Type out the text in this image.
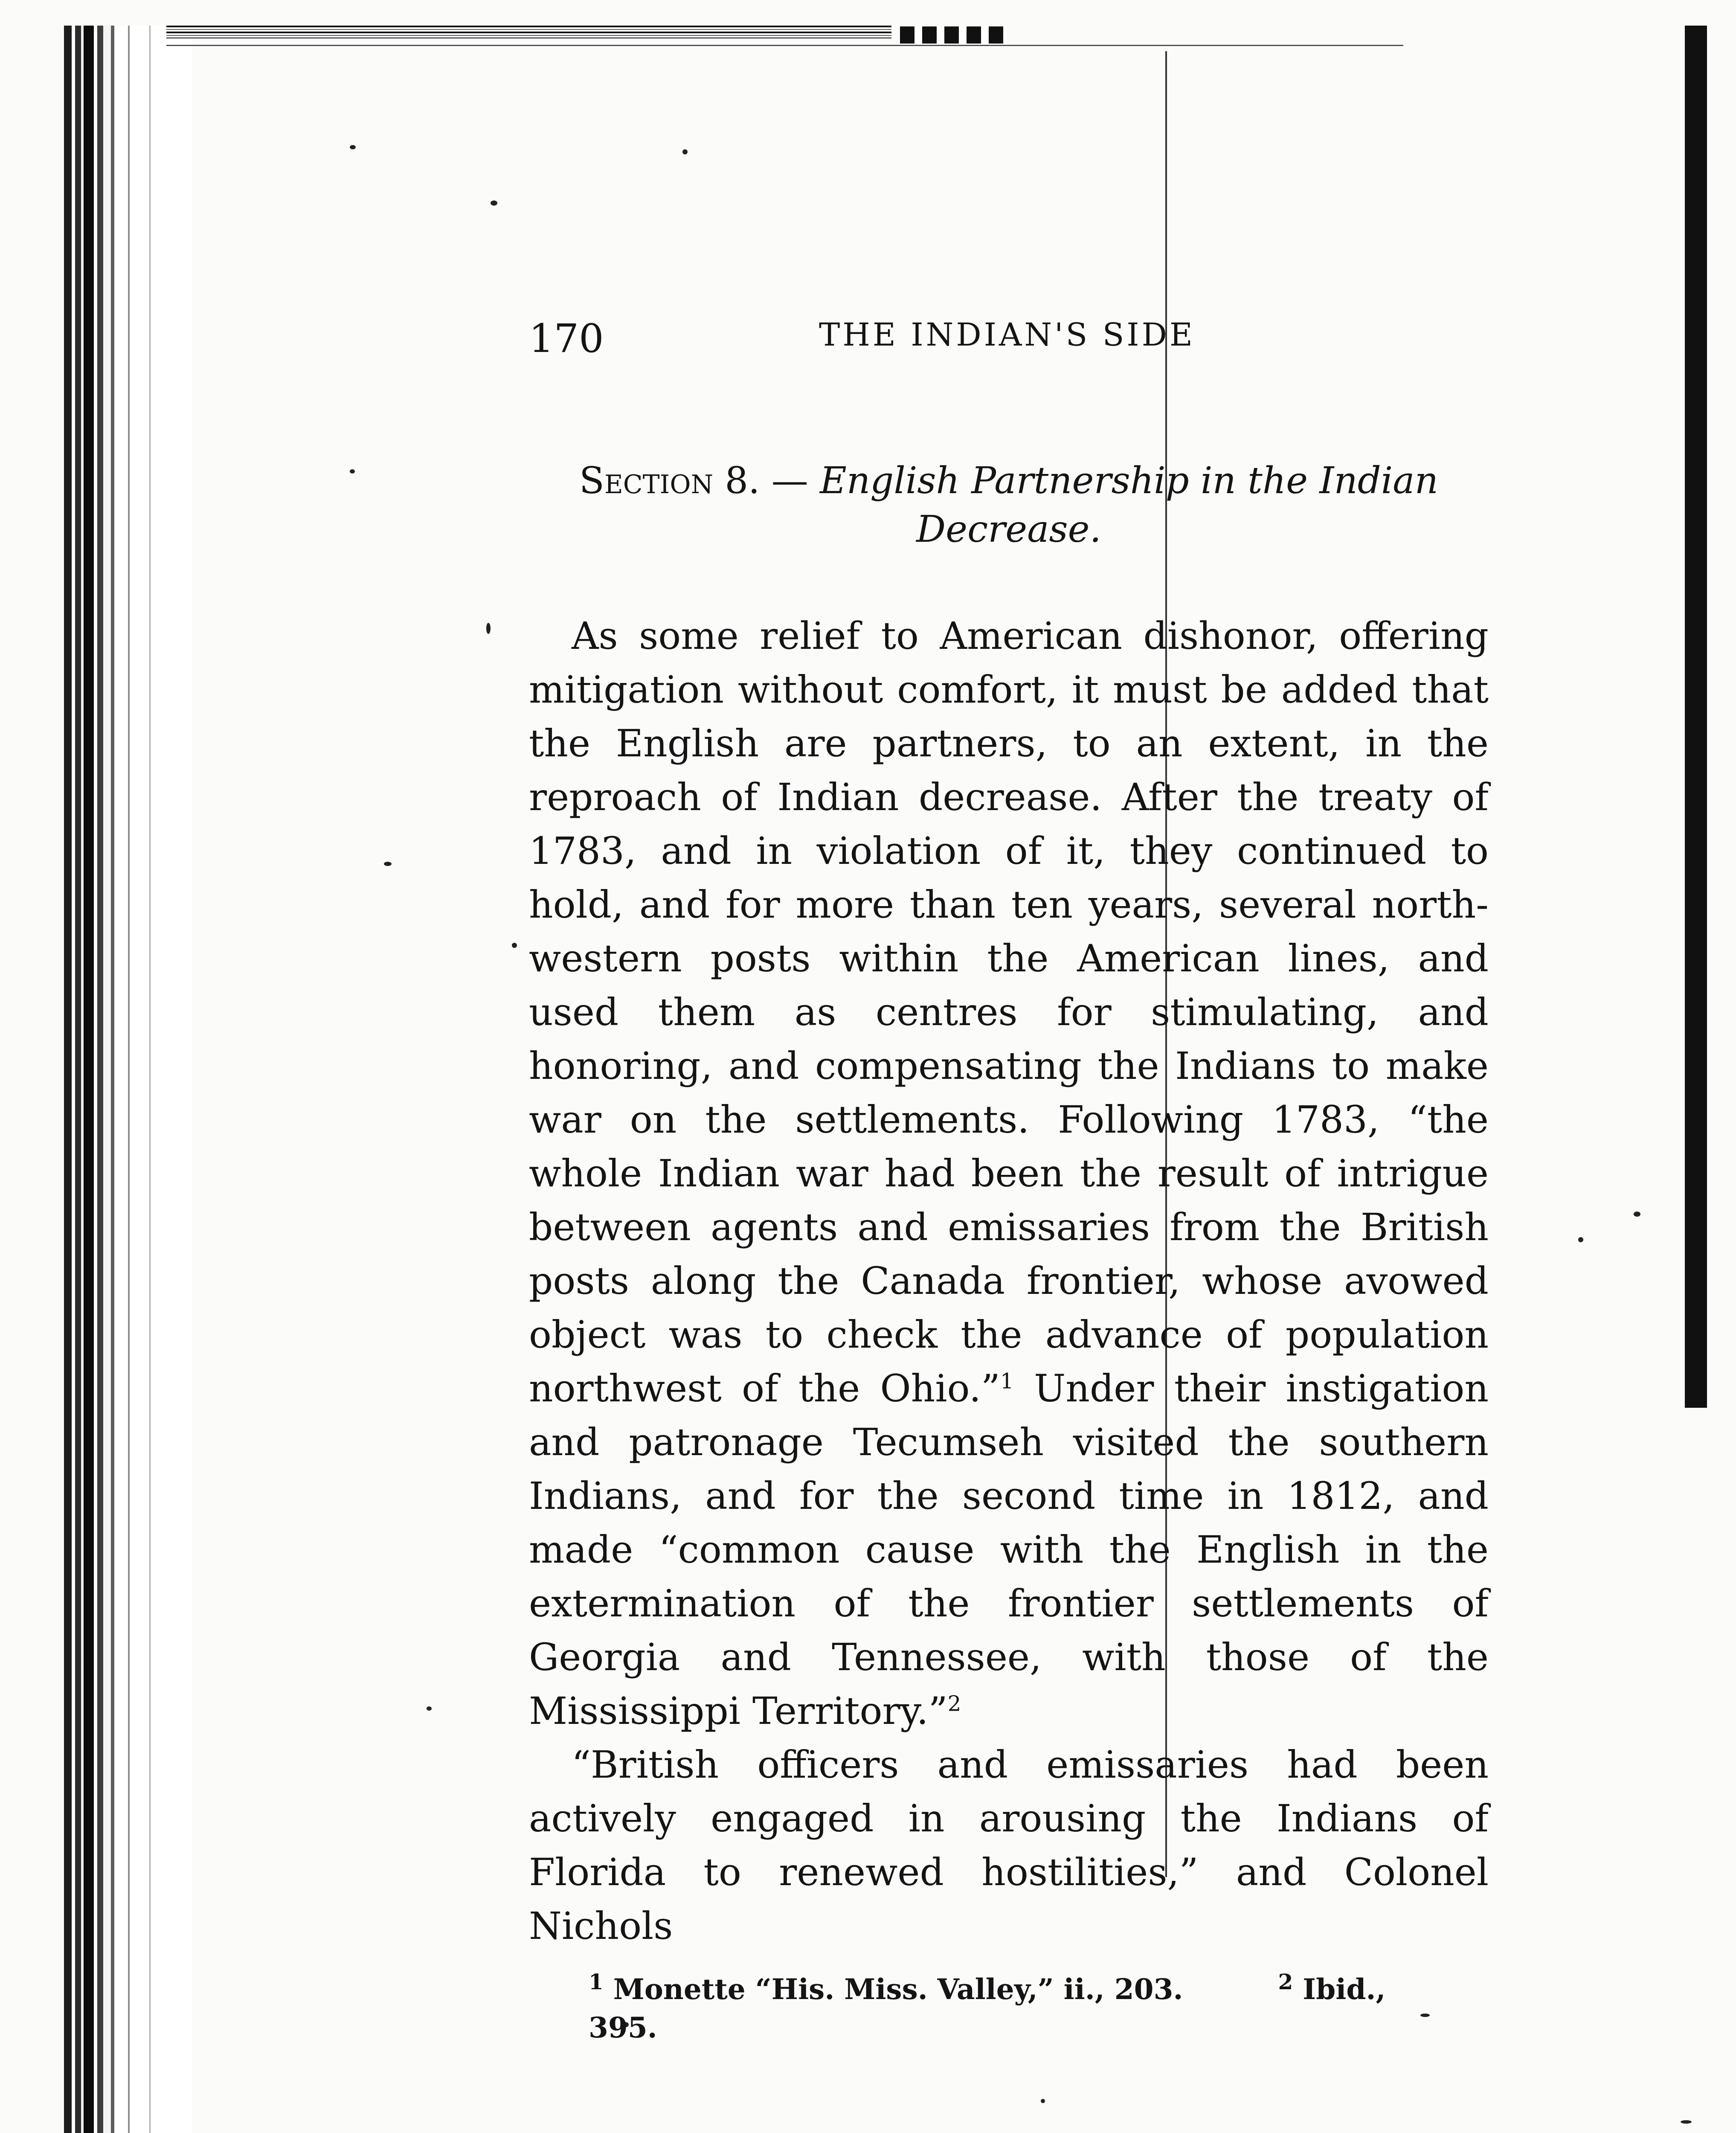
170	THE INDIAN'S SIDE
Section 8. — English Partnership in the Indian Decrease.

As some relief to American dishonor, offering mitigation without comfort, it must be added that the English are partners, to an extent, in the reproach of Indian decrease. After the treaty of 1783, and in violation of it, they continued to hold, and for more than ten years, several north-western posts within the American lines, and used them as centres for stimulating, and honoring, and compensating the Indians to make war on the settlements. Following 1783, “the whole Indian war had been the result of intrigue between agents and emissaries from the British posts along the Canada frontier, whose avowed object was to check the advance of population northwest of the Ohio.”$^1$ Under their instigation and patronage Tecumseh visited the southern Indians, and for the second time in 1812, and made “common cause with the English in the extermination of the frontier settlements of Georgia and Tennessee, with those of the Mississippi Territory.”$^2$

“British officers and emissaries had been actively engaged in arousing the Indians of Florida to renewed hostilities,” and Colonel Nichols

$^1$ Monette “His. Miss. Valley,” ii., 203.	$^2$ Ibid., 395.
